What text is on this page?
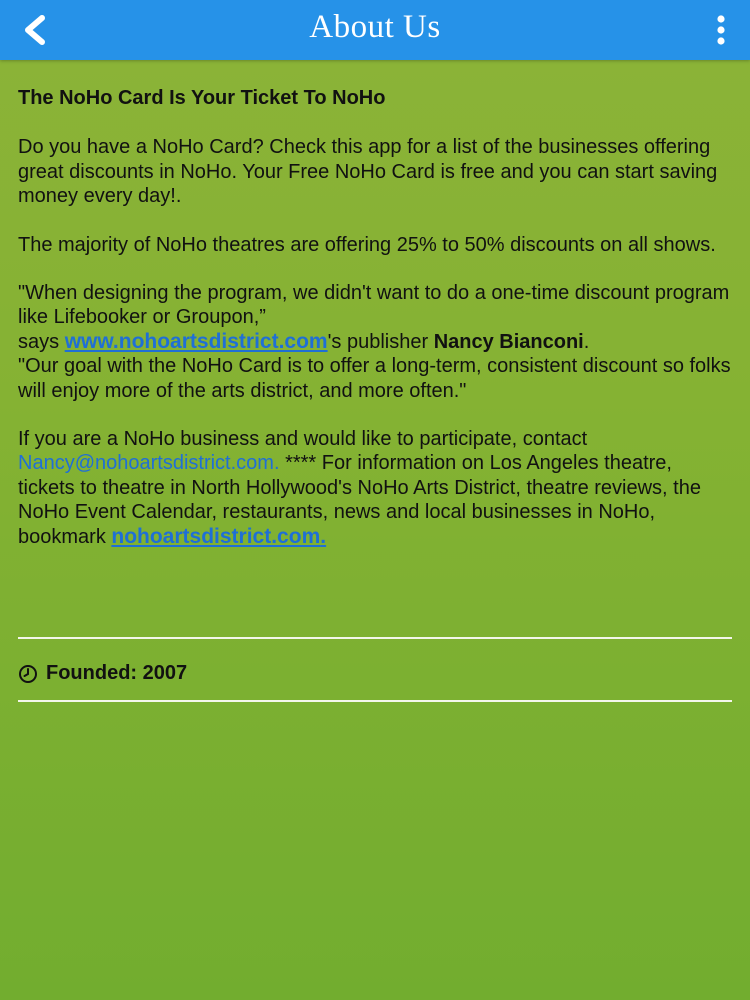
About Us
The NoHo Card Is Your Ticket To NoHo

Do you have a NoHo Card? Check this app for a list of the businesses offering great discounts in NoHo. Your Free NoHo Card is free and you can start saving money every day!.

The majority of NoHo theatres are offering 25% to 50% discounts on all shows.

"When designing the program, we didn't want to do a one-time discount program like Lifebooker or Groupon,”
says www.nohoartsdistrict.com's publisher Nancy Bianconi.
"Our goal with the NoHo Card is to offer a long-term, consistent discount so folks will enjoy more of the arts district, and more often."

If you are a NoHo business and would like to participate, contact Nancy@nohoartsdistrict.com. **** For information on Los Angeles theatre, tickets to theatre in North Hollywood's NoHo Arts District, theatre reviews, the NoHo Event Calendar, restaurants, news and local businesses in NoHo, bookmark nohoartsdistrict.com.

Founded: 2007
